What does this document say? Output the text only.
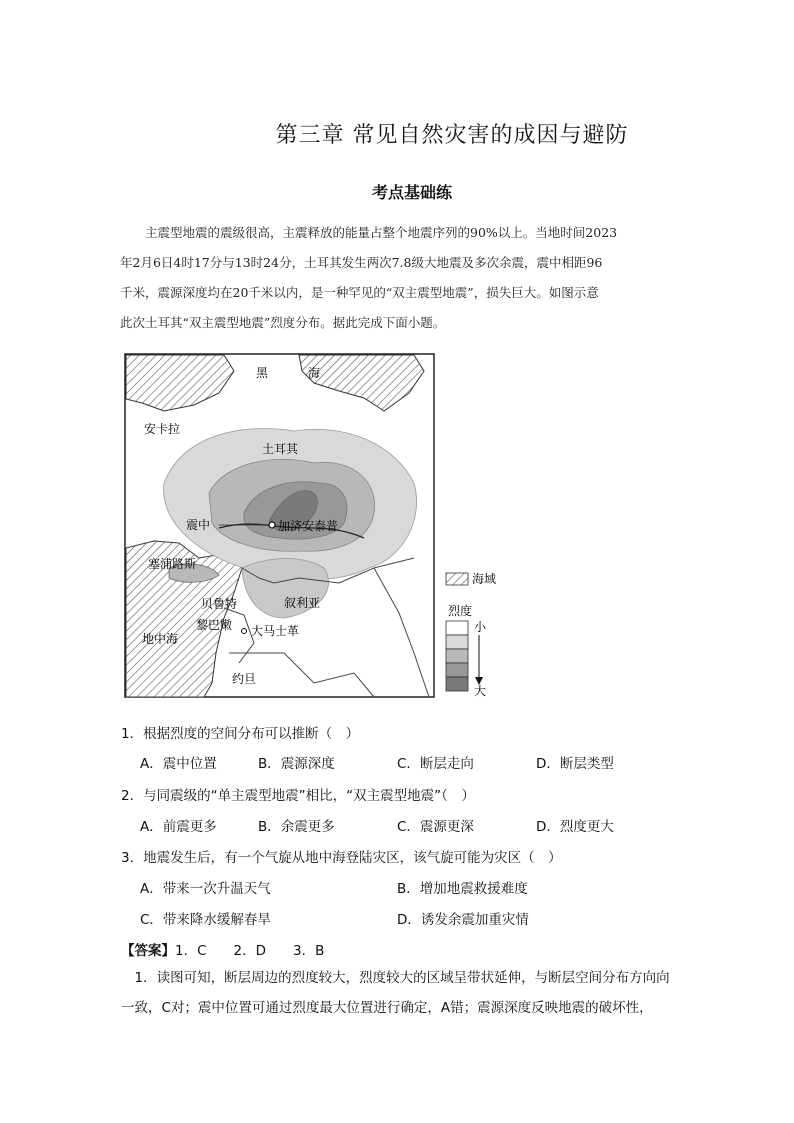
第三章 常见自然灾害的成因与避防
考点基础练
　　主震型地震的震级很高，主震释放的能量占整个地震序列的90%以上。当地时间2023
年2月6日4时17分与13时24分，土耳其发生两次7.8级大地震及多次余震，震中相距96
千米，震源深度均在20千米以内，是一种罕见的“双主震型地震”，损失巨大。如图示意
此次土耳其“双主震型地震”烈度分布。据此完成下面小题。
黑	海
安卡拉
土耳其
震中	加济安泰普
塞浦路斯
叙利亚
贝鲁特
黎巴嫩 大马士革
地中海
约旦
海域
烈度
小
大
1．根据烈度的空间分布可以推断（　）
A．震中位置	B．震源深度	C．断层走向	D．断层类型
2．与同震级的“单主震型地震”相比，“双主震型地震”（　）
A．前震更多	B．余震更多	C．震源更深	D．烈度更大
3．地震发生后，有一个气旋从地中海登陆灾区，该气旋可能为灾区（　）
A．带来一次升温天气	B．增加地震救援难度
C．带来降水缓解春旱	D．诱发余震加重灾情
【答案】1．C　　2．D　　3．B
　1．读图可知，断层周边的烈度较大，烈度较大的区域呈带状延伸，与断层空间分布方向向
一致，C对；震中位置可通过烈度最大位置进行确定，A错；震源深度反映地震的破坏性，
